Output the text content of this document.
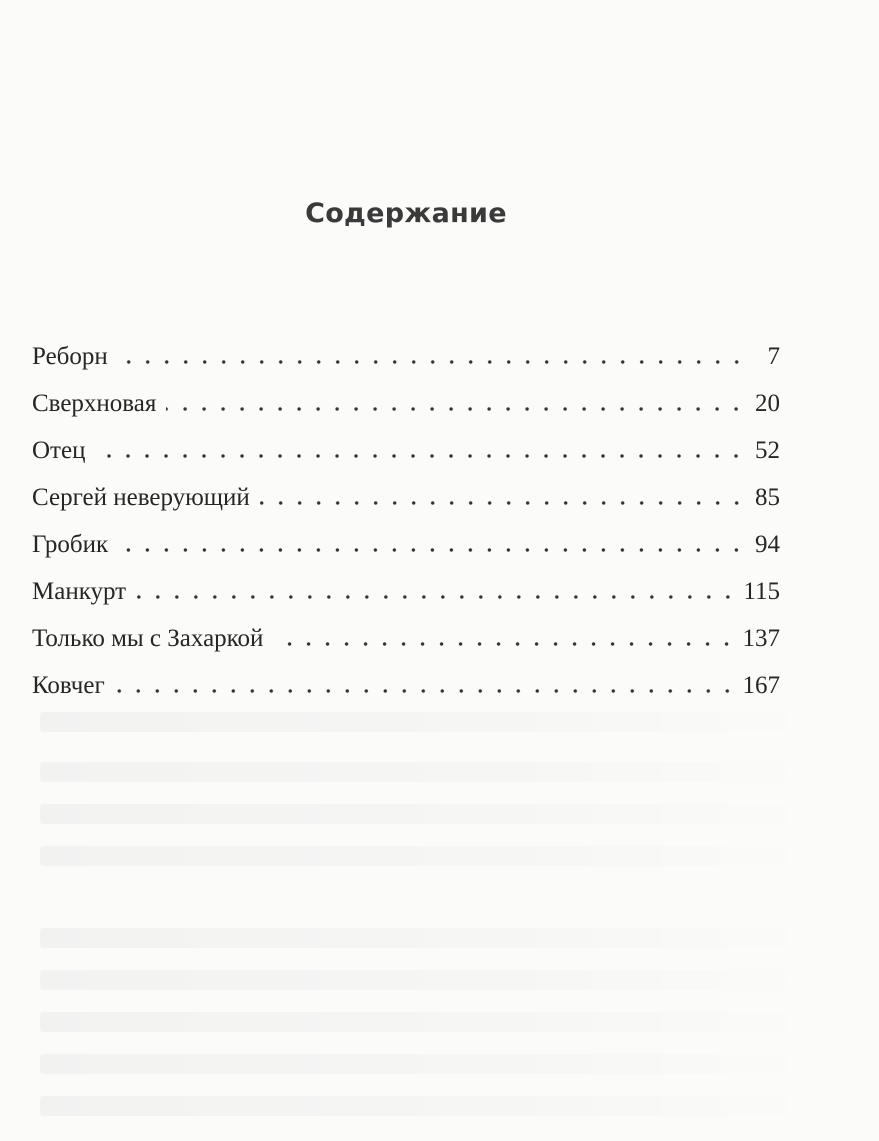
Содержание
Реборн	7
Сверхновая	20
Отец	52
Сергей неверующий	85
Гробик	94
Манкурт	115
Только мы с Захаркой	137
Ковчег	167
